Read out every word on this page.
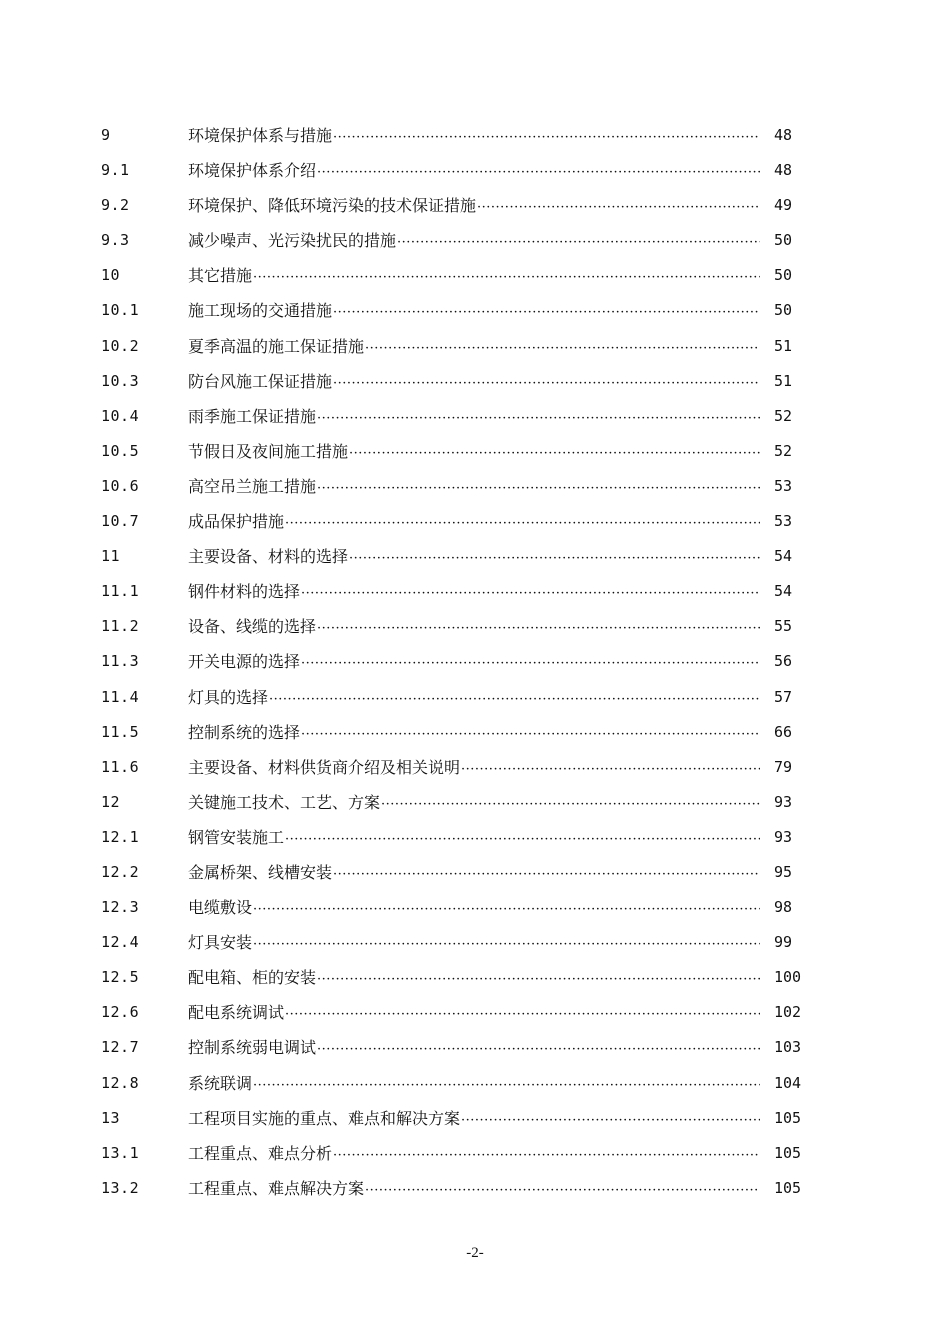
9	环境保护体系与措施 ·····	48
9.1	环境保护体系介绍 ·····	48
9.2	环境保护、降低环境污染的技术保证措施 ·····	49
9.3	减少噪声、光污染扰民的措施 ·····	50
10	其它措施 ·····	50
10.1	施工现场的交通措施 ·····	50
10.2	夏季高温的施工保证措施 ·····	51
10.3	防台风施工保证措施 ·····	51
10.4	雨季施工保证措施 ·····	52
10.5	节假日及夜间施工措施 ·····	52
10.6	高空吊兰施工措施 ·····	53
10.7	成品保护措施 ·····	53
11	主要设备、材料的选择 ·····	54
11.1	钢件材料的选择 ·····	54
11.2	设备、线缆的选择 ·····	55
11.3	开关电源的选择 ·····	56
11.4	灯具的选择 ·····	57
11.5	控制系统的选择 ·····	66
11.6	主要设备、材料供货商介绍及相关说明 ·····	79
12	关键施工技术、工艺、方案 ·····	93
12.1	钢管安装施工 ·····	93
12.2	金属桥架、线槽安装 ·····	95
12.3	电缆敷设 ·····	98
12.4	灯具安装 ·····	99
12.5	配电箱、柜的安装 ·····	100
12.6	配电系统调试 ·····	102
12.7	控制系统弱电调试 ·····	103
12.8	系统联调 ·····	104
13	工程项目实施的重点、难点和解决方案 ·····	105
13.1	工程重点、难点分析 ·····	105
13.2	工程重点、难点解决方案 ·····	105
-2-
